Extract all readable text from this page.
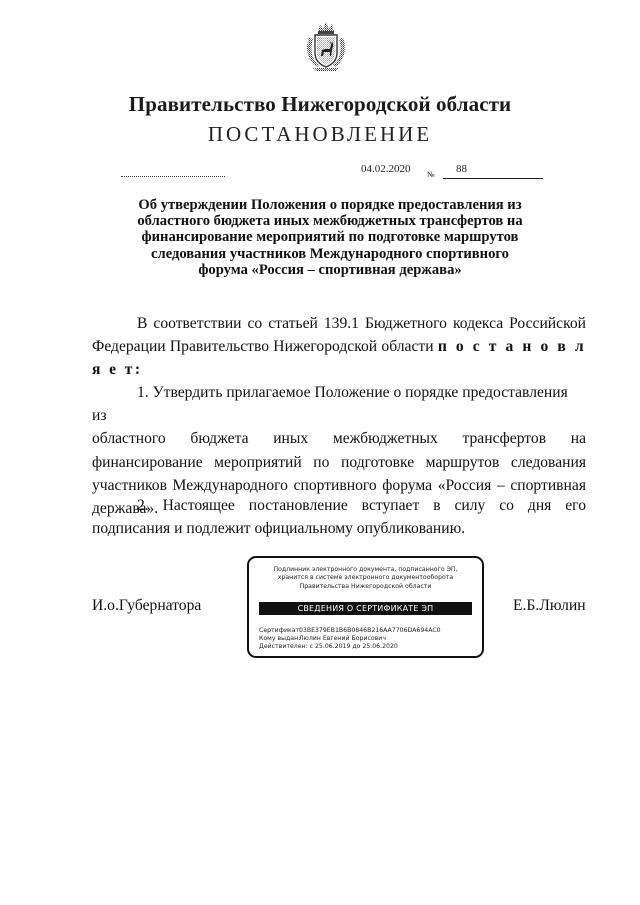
Правительство Нижегородской области
ПОСТАНОВЛЕНИЕ
04.02.2020 № 88
Об утверждении Положения о порядке предоставления из
областного бюджета иных межбюджетных трансфертов на
финансирование мероприятий по подготовке маршрутов
следования участников Международного спортивного
форума «Россия – спортивная держава»
В соответствии со статьей 139.1 Бюджетного кодекса Российской Федерации Правительство Нижегородской области п о с т а н о в л я е т:
1. Утвердить прилагаемое Положение о порядке предоставления из
областного бюджета иных межбюджетных трансфертов на
финансирование мероприятий по подготовке маршрутов следования участников Международного спортивного форума «Россия – спортивная держава».
2. Настоящее постановление вступает в силу со дня его подписания и подлежит официальному опубликованию.
И.о.Губернатора	Е.Б.Люлин
Подлинник электронного документа, подписанного ЭП,
хранится в системе электронного документооборота
Правительства Нижегородской области
СВЕДЕНИЯ О СЕРТИФИКАТЕ ЭП
Сертификат: 03BE379EB1B6B0846B216AA7706DA694AC0
Кому выдан: Люлин Евгений Борисович
Действителен: с 25.06.2019 до 25.06.2020
